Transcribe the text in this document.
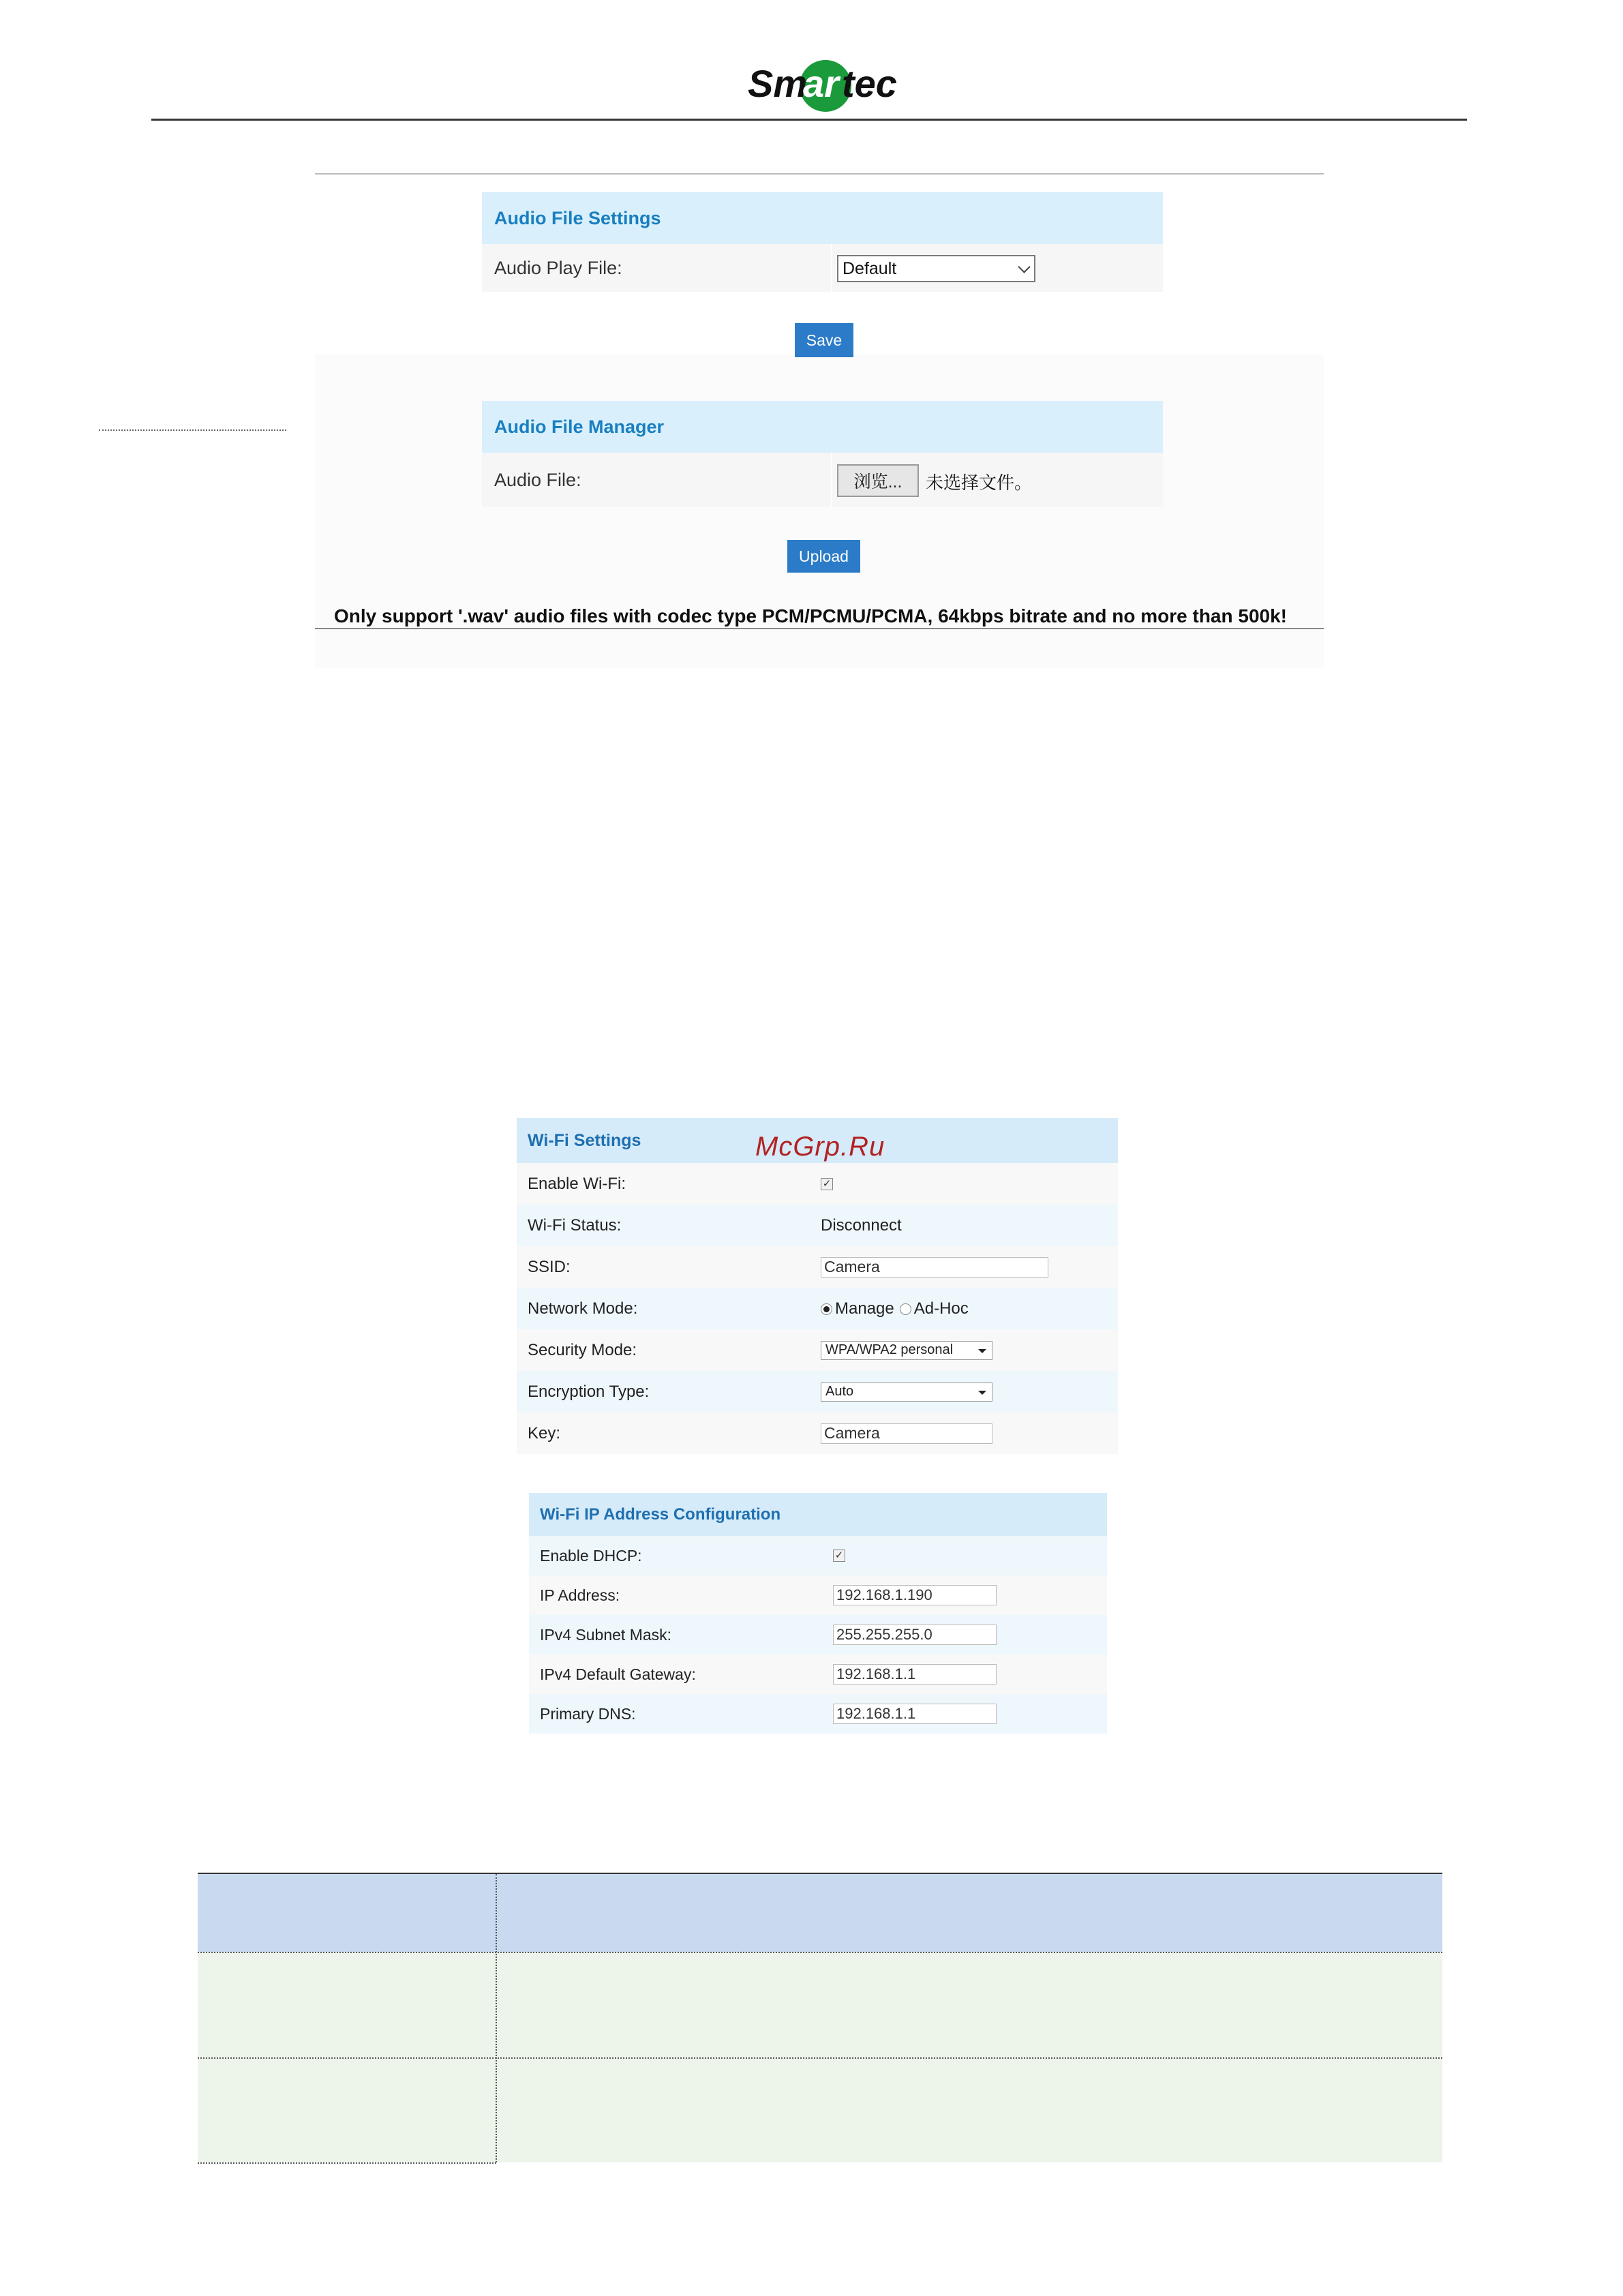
Sm
ar tec
Audio File Settings
Audio Play File:	Default
Save
Audio File Manager
Audio File:	浏览...	未选择文件。
Upload
Only support '.wav' audio files with codec type PCM/PCMU/PCMA, 64kbps bitrate and no more than 500k!
Wi-Fi Settings
Enable Wi-Fi:	✓
Wi-Fi Status:	Disconnect
SSID:	Camera
Network Mode:	Manage	Ad-Hoc
Security Mode:	WPA/WPA2 personal
Encryption Type:	Auto
Key:	Camera
McGrp.Ru
Wi-Fi IP Address Configuration
Enable DHCP:	✓
IP Address:	192.168.1.190
IPv4 Subnet Mask:	255.255.255.0
IPv4 Default Gateway:	192.168.1.1
Primary DNS:	192.168.1.1
